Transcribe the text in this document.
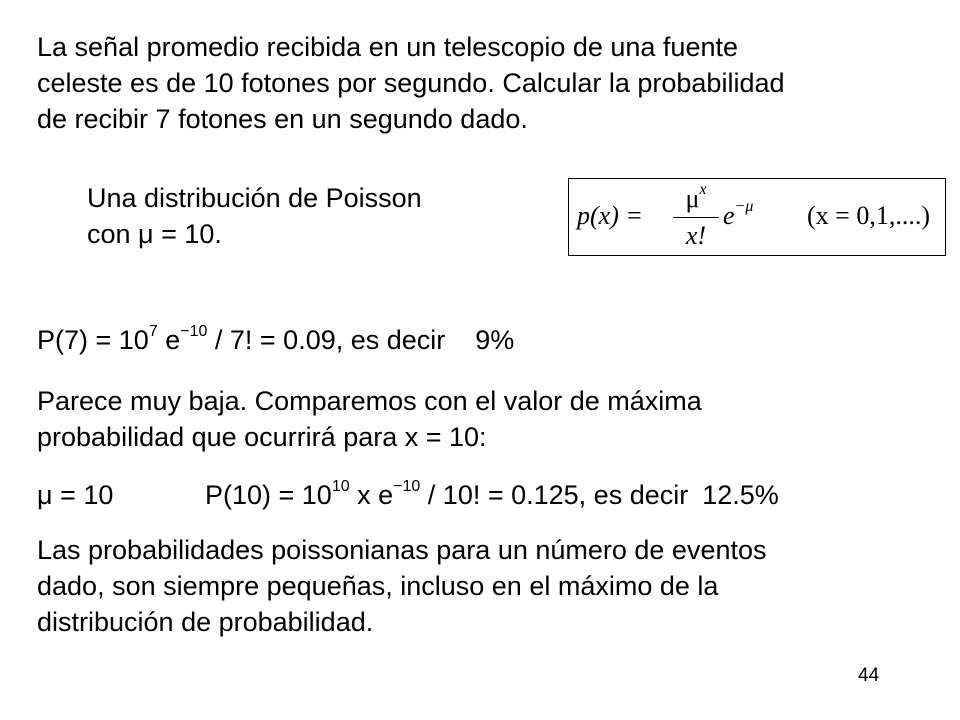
La señal promedio recibida en un telescopio de una fuente
celeste es de 10 fotones por segundo. Calcular la probabilidad
de recibir 7 fotones en un segundo dado.
Una distribución de Poisson
con μ = 10.
p(x) =
$\mu^x$
x!
$e^{-\mu}$ (x = 0,1,....)
$P(7) = 10^7$ $e^{-10} / 7$! = 0.09, es decir 9%
Parece muy baja. Comparemos con el valor de máxima
probabilidad que ocurrirá para x = 10:
μ = 10	$P(10) = 10^{10}$ x $e^{-10} / 10$! = 0.125, es decir 12.5%
Las probabilidades poissonianas para un número de eventos
dado, son siempre pequeñas, incluso en el máximo de la
distribución de probabilidad.
44
